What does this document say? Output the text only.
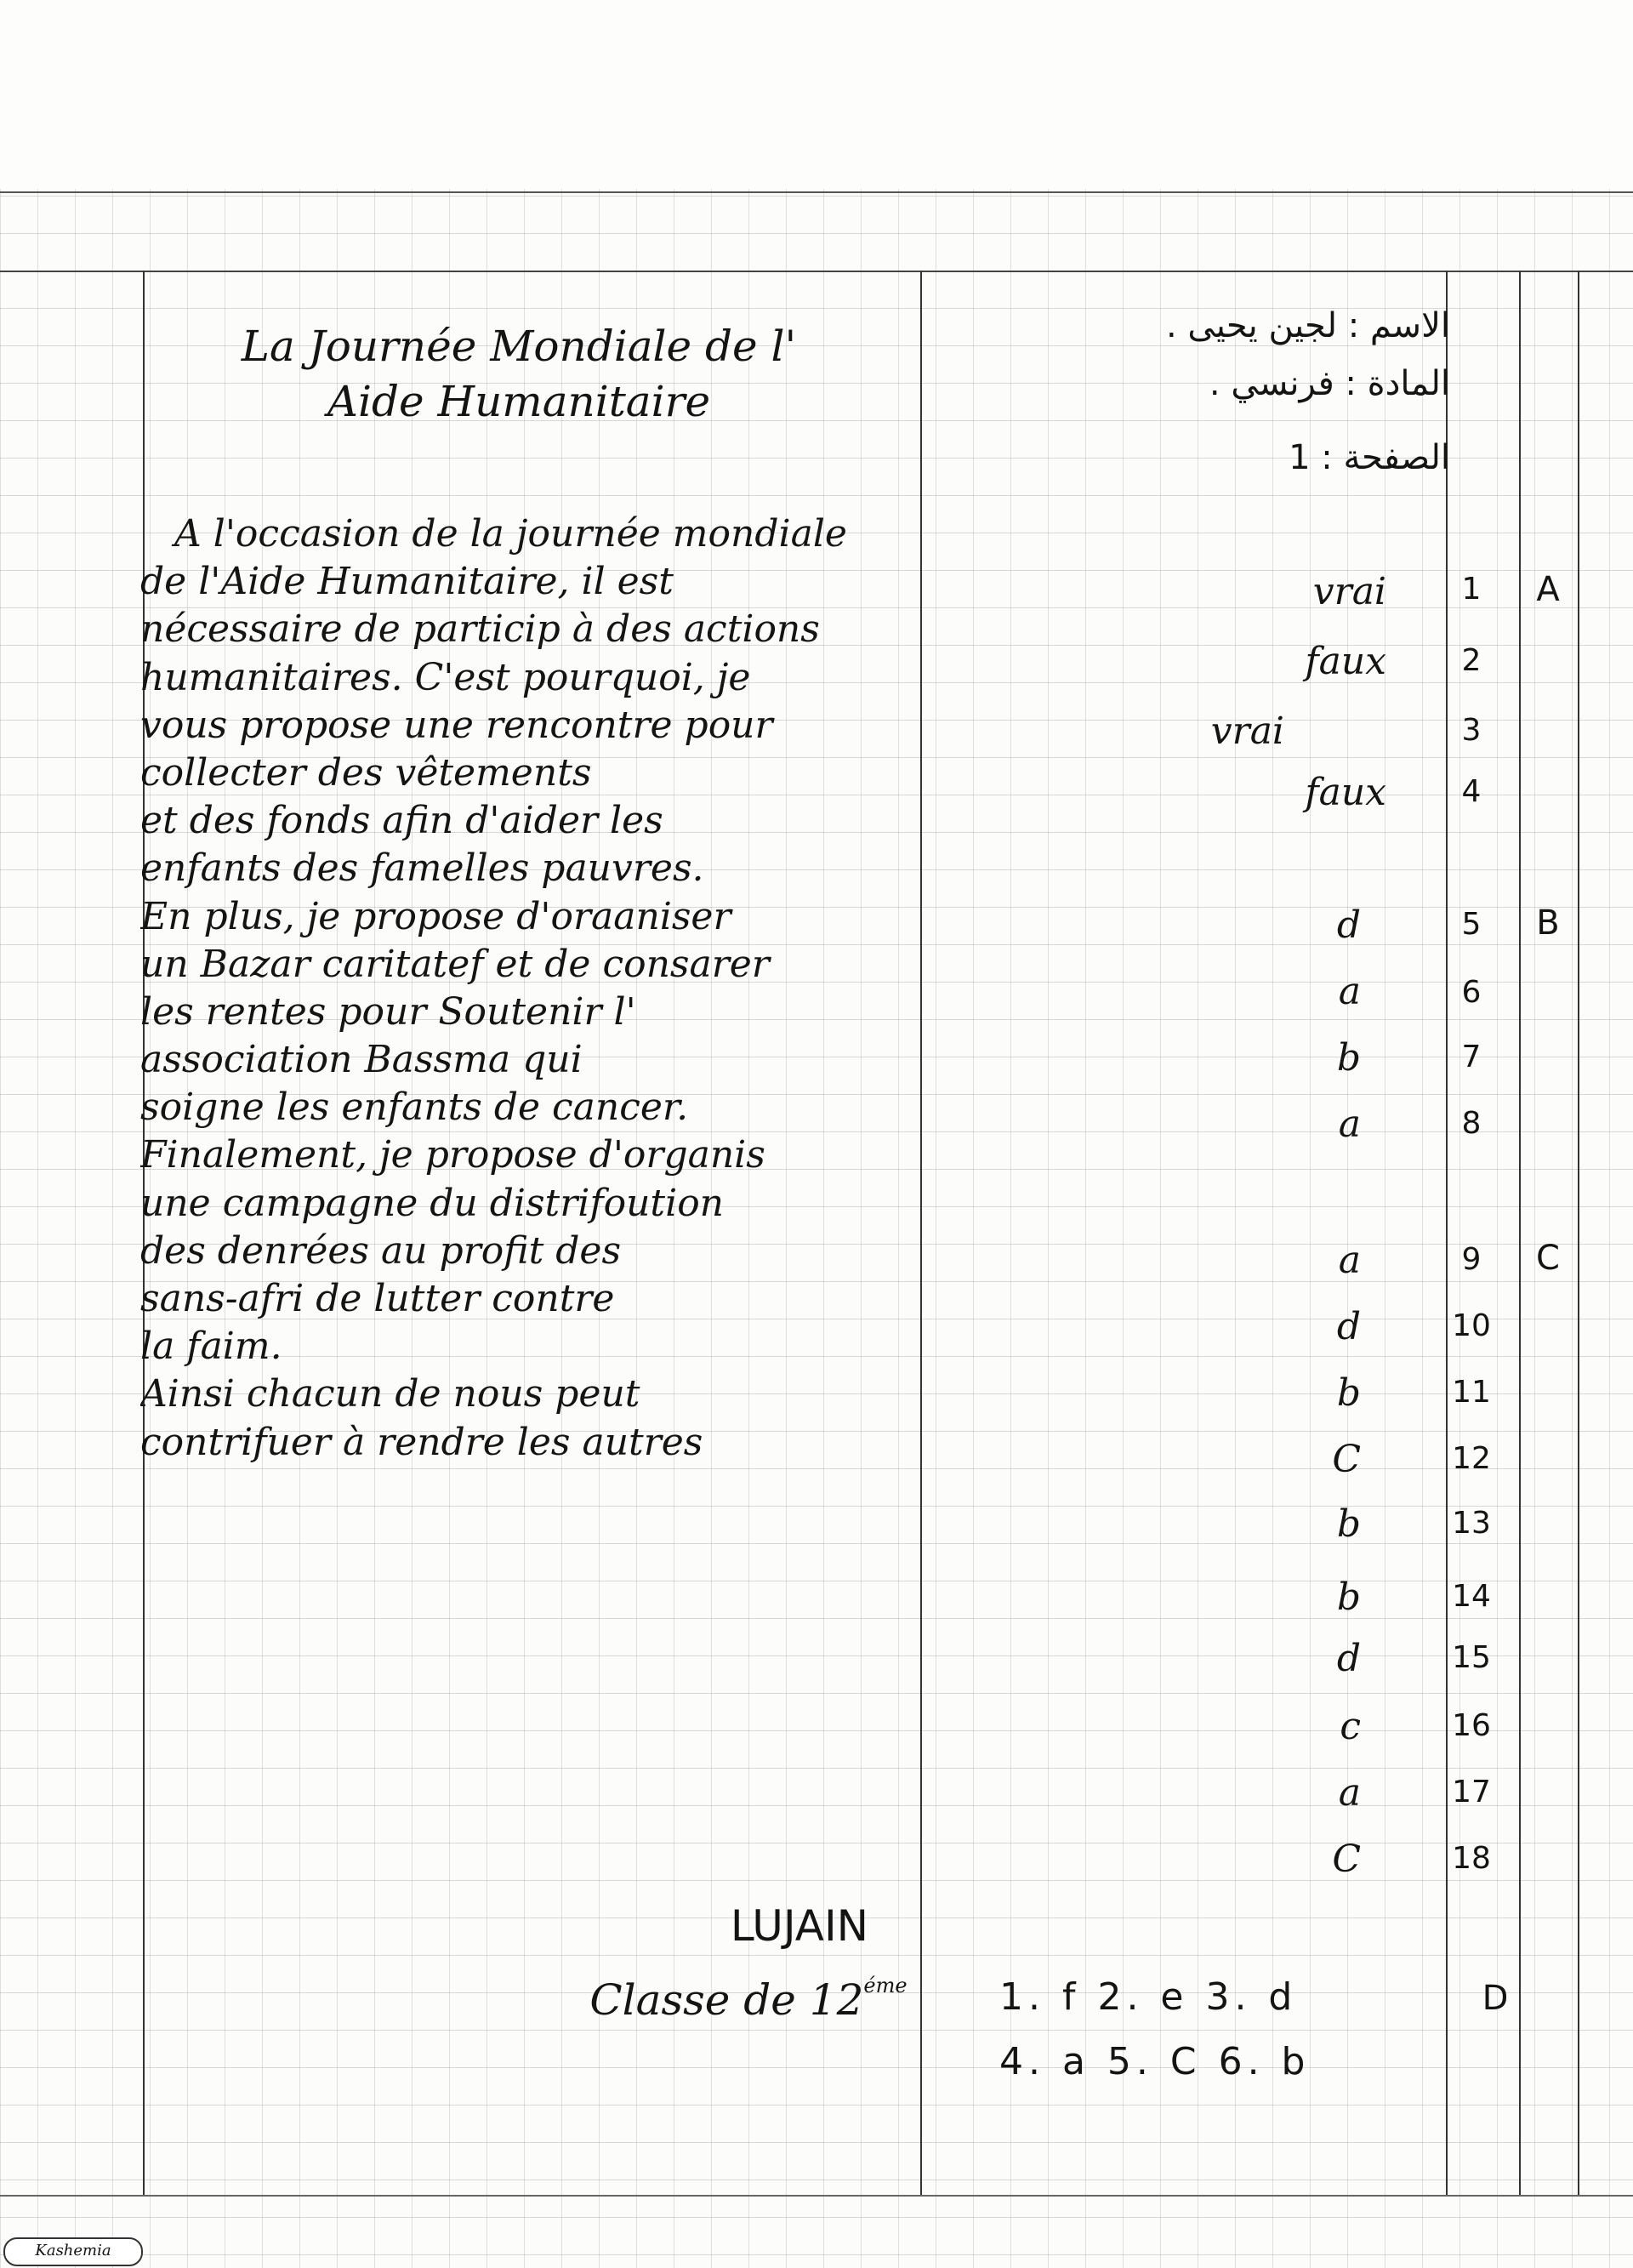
La Journée Mondiale de l'
Aide Humanitaire
A l'occasion de la journée mondiale
de l'Aide Humanitaire, il est
nécessaire de particip à des actions
humanitaires. C'est pourquoi, je
vous propose une rencontre pour
collecter des vêtements
et des fonds afin d'aider les
enfants des famelles pauvres.
En plus, je propose d'oraaniser
un Bazar caritatef et de consarer
les rentes pour Soutenir l'
association Bassma qui
soigne les enfants de cancer.
Finalement, je propose d'organis
une campagne du distrifoution
des denrées au profit des
sans-afri de lutter contre
la faim.
Ainsi chacun de nous peut
contrifuer à rendre les autres
LUJAIN
Classe de $12^{éme}$
الاسم : لجين يحيى .
المادة : فرنسي .
الصفحة : 1
vrai	1	A
faux	2
vrai	3
faux	4
d	5	B
a	6
b	7
a	8
a	9	C
d	10
b	11
C	12
b	13
b	14
d	15
c	16
a	17
C	18
1. f 2. e 3. d
4. a 5. C 6. b
D
Kashemia
